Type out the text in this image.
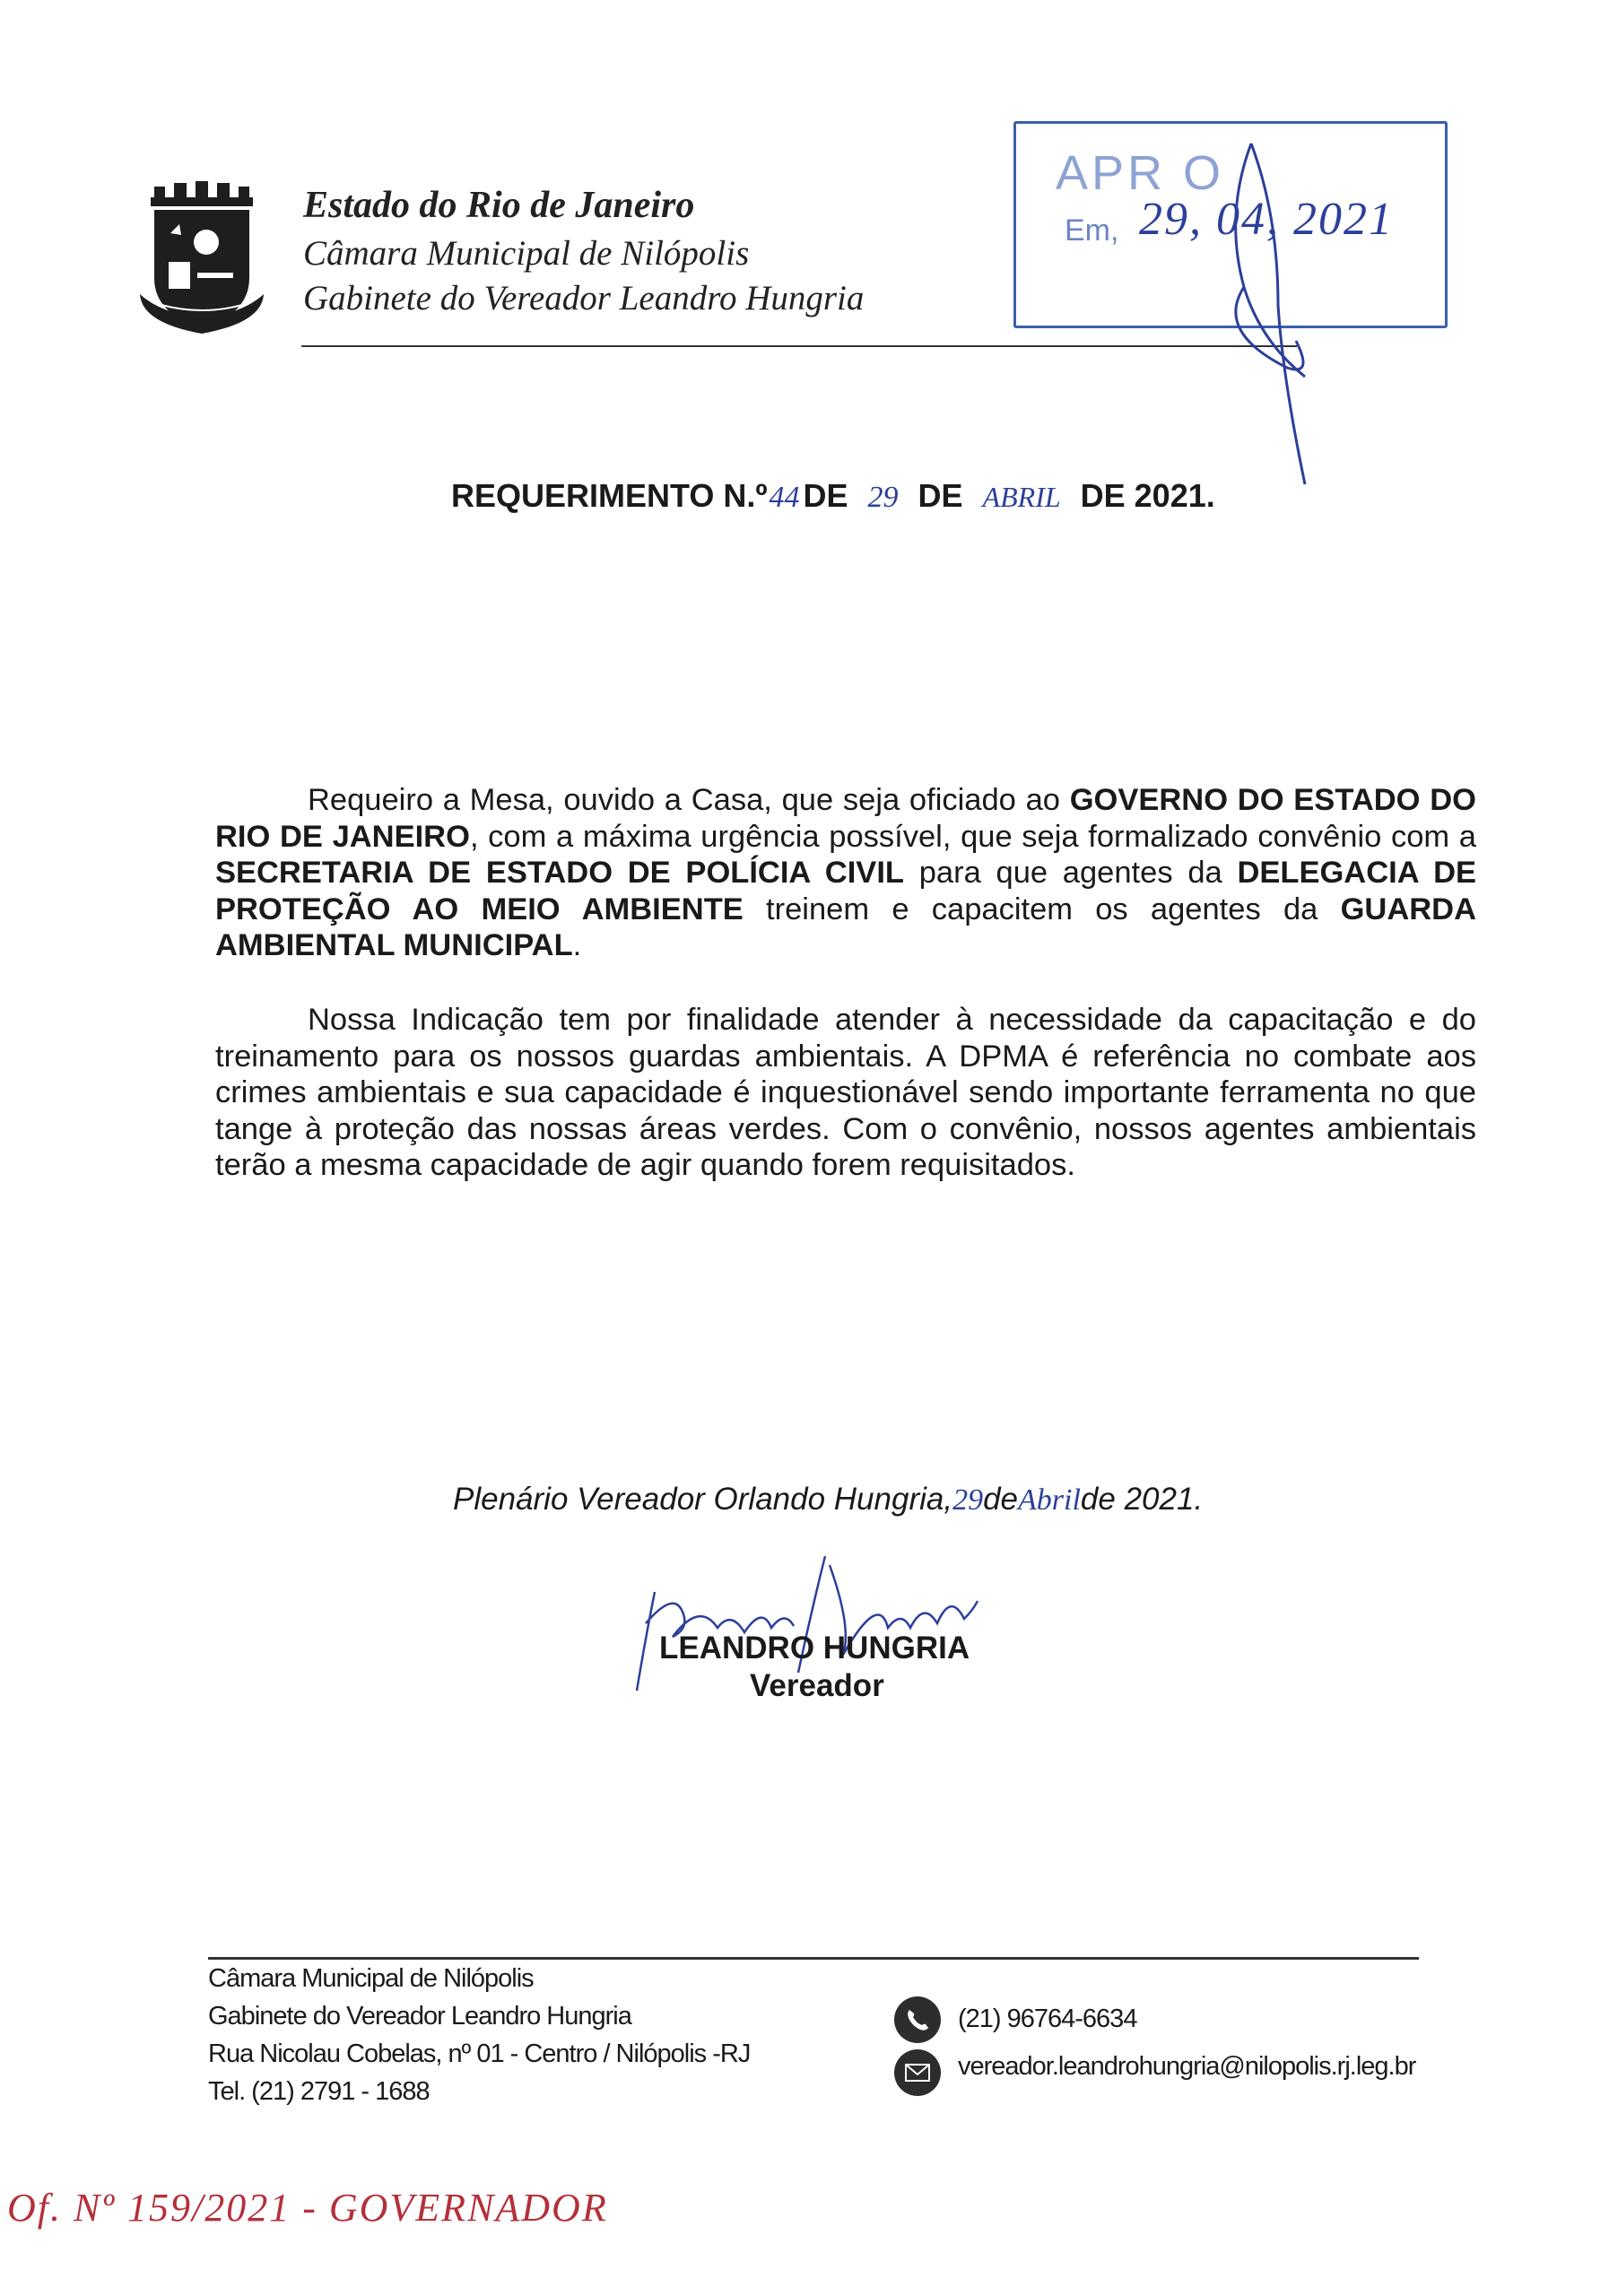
Estado do Rio de Janeiro
Câmara Municipal de Nilópolis
Gabinete do Vereador Leandro Hungria
APR O
Em, 29, 04, 2021
REQUERIMENTO N.º44 DE 29 DE ABRIL DE 2021.
Requeiro a Mesa, ouvido a Casa, que seja oficiado ao GOVERNO DO ESTADO DO RIO DE JANEIRO, com a máxima urgência possível, que seja formalizado convênio com a SECRETARIA DE ESTADO DE POLÍCIA CIVIL para que agentes da DELEGACIA DE PROTEÇÃO AO MEIO AMBIENTE treinem e capacitem os agentes da GUARDA AMBIENTAL MUNICIPAL.
Nossa Indicação tem por finalidade atender à necessidade da capacitação e do treinamento para os nossos guardas ambientais. A DPMA é referência no combate aos crimes ambientais e sua capacidade é inquestionável sendo importante ferramenta no que tange à proteção das nossas áreas verdes. Com o convênio, nossos agentes ambientais terão a mesma capacidade de agir quando forem requisitados.
Plenário Vereador Orlando Hungria,29deAbrilde 2021.
LEANDRO HUNGRIA
Vereador
Câmara Municipal de Nilópolis
Gabinete do Vereador Leandro Hungria
Rua Nicolau Cobelas, nº 01 - Centro / Nilópolis -RJ
Tel. (21) 2791 - 1688
(21) 96764-6634
vereador.leandrohungria@nilopolis.rj.leg.br
Of. Nº 159/2021 - GOVERNADOR
